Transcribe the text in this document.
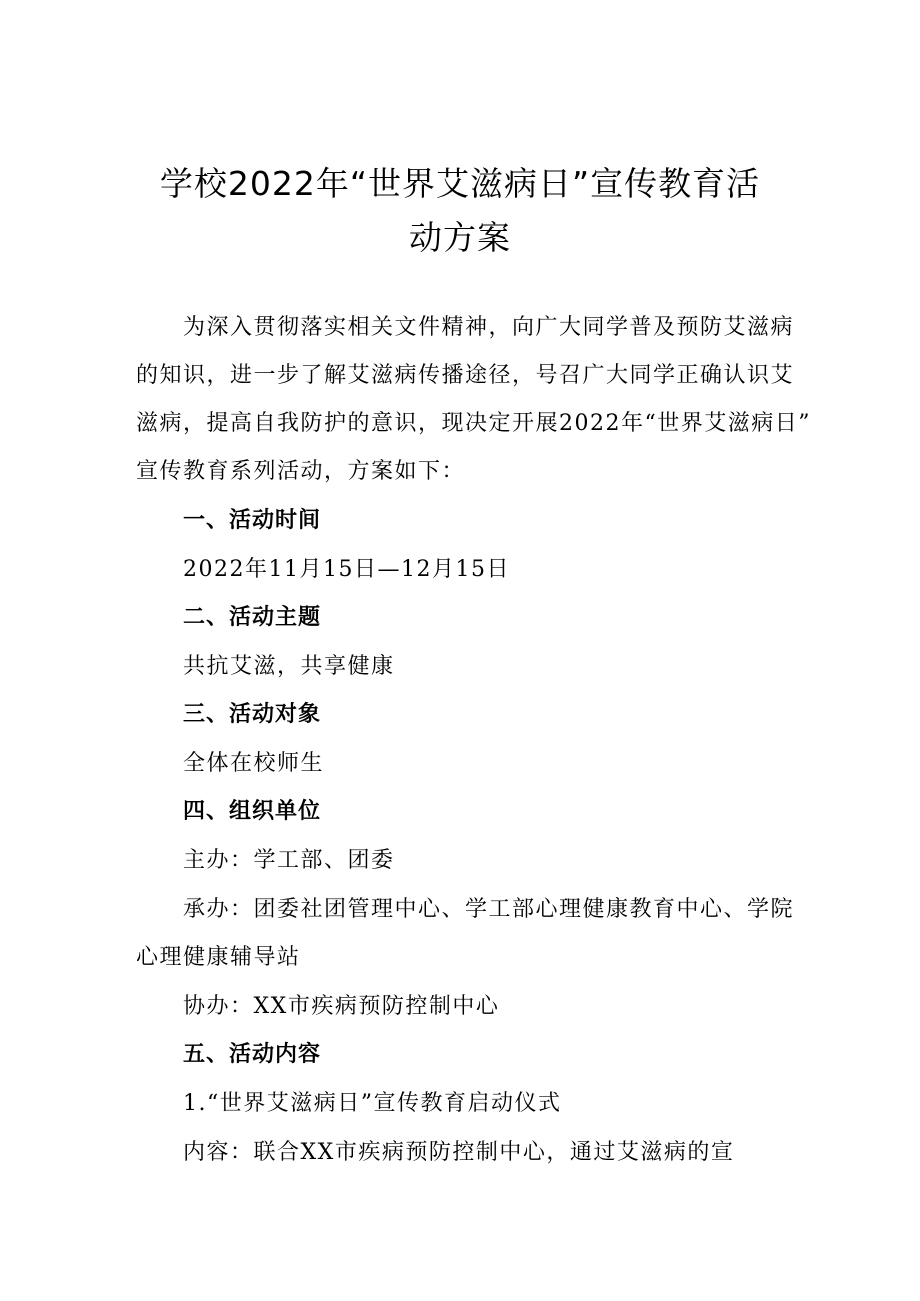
学校2022年“世界艾滋病日”宣传教育活
动方案
为深入贯彻落实相关文件精神，向广大同学普及预防艾滋病
的知识，进一步了解艾滋病传播途径，号召广大同学正确认识艾
滋病，提高自我防护的意识，现决定开展2022年“世界艾滋病日”
宣传教育系列活动，方案如下：
一、活动时间
2022年11月15日—12月15日
二、活动主题
共抗艾滋，共享健康
三、活动对象
全体在校师生
四、组织单位
主办：学工部、团委
承办：团委社团管理中心、学工部心理健康教育中心、学院
心理健康辅导站
协办：XX市疾病预防控制中心
五、活动内容
1.“世界艾滋病日”宣传教育启动仪式
内容：联合XX市疾病预防控制中心，通过艾滋病的宣
